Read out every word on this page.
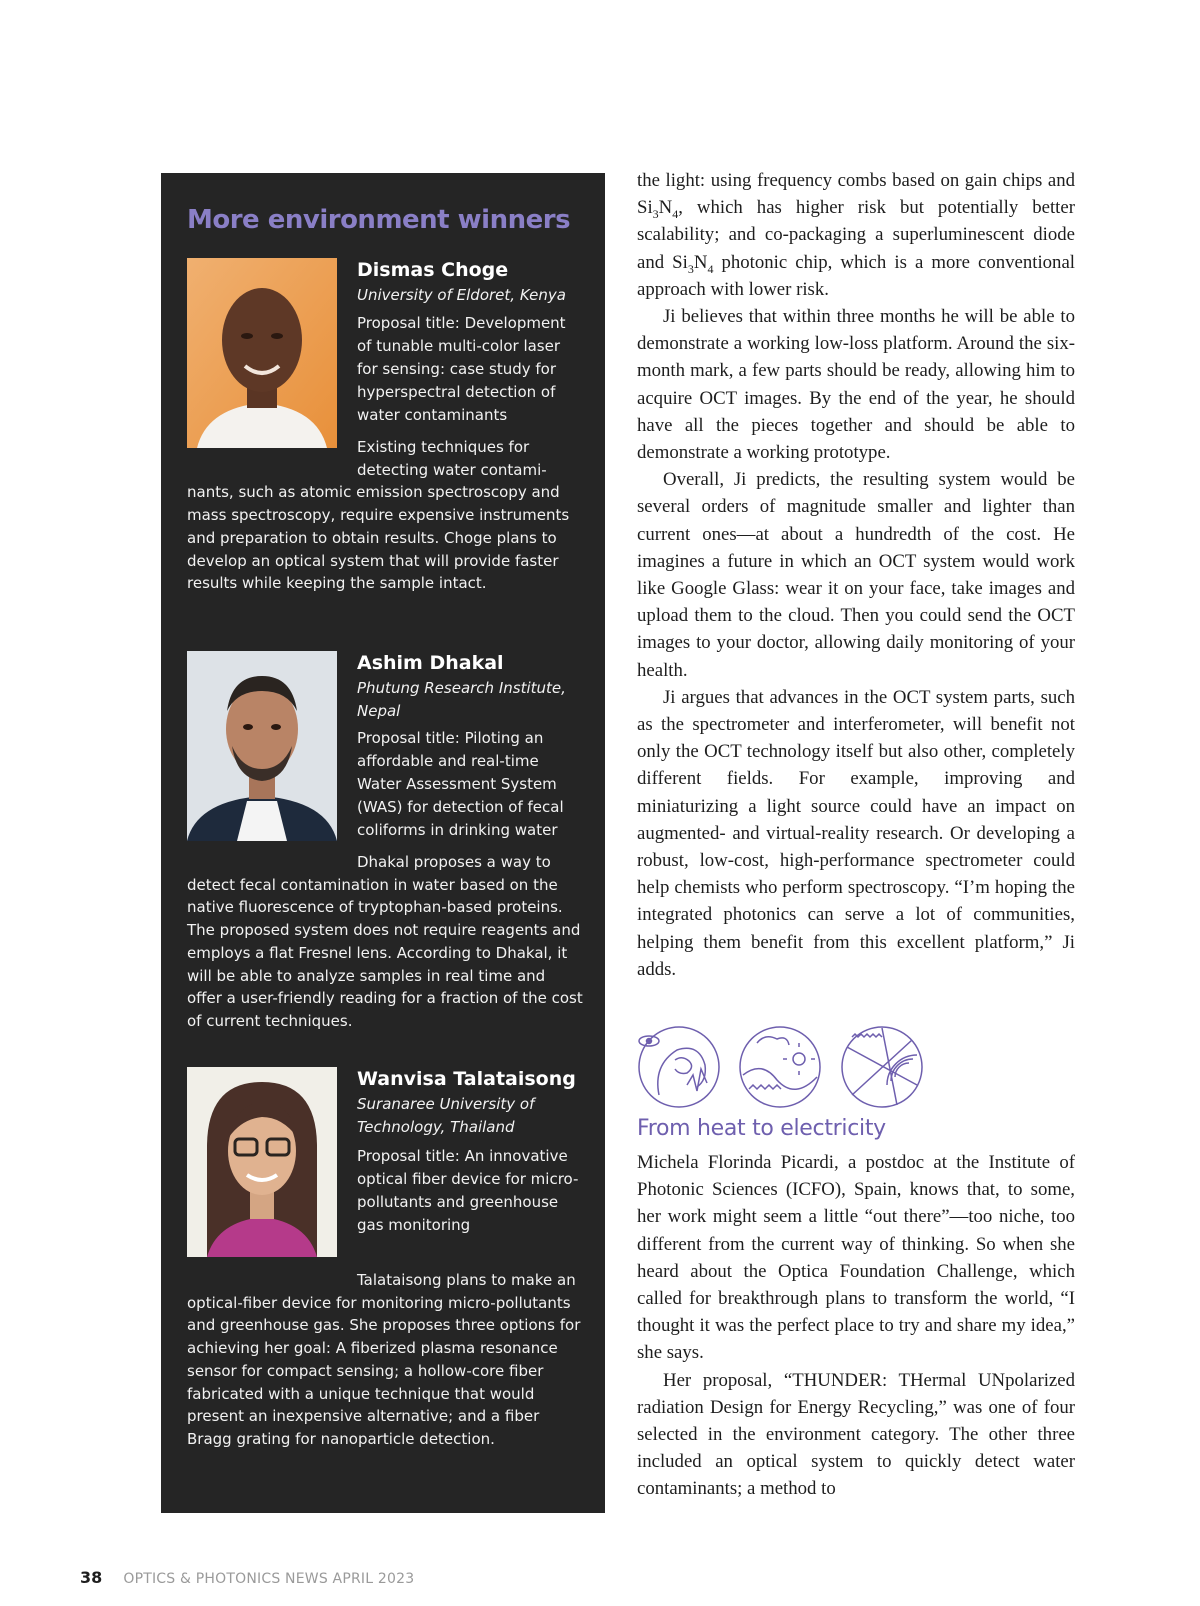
More environment winners
Dismas Choge
University of Eldoret, Kenya
Proposal title: Development of tunable multi-color laser for sensing: case study for hyperspectral detection of water contaminants
Existing techniques for detecting water contaminants, such as atomic emission spectroscopy and mass spectroscopy, require expensive instruments and preparation to obtain results. Choge plans to develop an optical system that will provide faster results while keeping the sample intact.
Ashim Dhakal
Phutung Research Institute, Nepal
Proposal title: Piloting an affordable and real-time Water Assessment System (WAS) for detection of fecal coliforms in drinking water
Dhakal proposes a way to detect fecal contamination in water based on the native fluorescence of tryptophan-based proteins. The proposed system does not require reagents and employs a flat Fresnel lens. According to Dhakal, it will be able to analyze samples in real time and offer a user-friendly reading for a fraction of the cost of current techniques.
Wanvisa Talataisong
Suranaree University of Technology, Thailand
Proposal title: An innovative optical fiber device for micro-pollutants and greenhouse gas monitoring
Talataisong plans to make an optical-fiber device for monitoring micro-pollutants and greenhouse gas. She proposes three options for achieving her goal: A fiberized plasma resonance sensor for compact sensing; a hollow-core fiber fabricated with a unique technique that would present an inexpensive alternative; and a fiber Bragg grating for nanoparticle detection.

the light: using frequency combs based on gain chips and $Si_3N_4$, which has higher risk but potentially better scalability; and co-packaging a superluminescent diode and $Si_3N_4$ photonic chip, which is a more conventional approach with lower risk.

Ji believes that within three months he will be able to demonstrate a working low-loss platform. Around the six-month mark, a few parts should be ready, allowing him to acquire OCT images. By the end of the year, he should have all the pieces together and should be able to demonstrate a working prototype.

Overall, Ji predicts, the resulting system would be several orders of magnitude smaller and lighter than current ones—at about a hundredth of the cost. He imagines a future in which an OCT system would work like Google Glass: wear it on your face, take images and upload them to the cloud. Then you could send the OCT images to your doctor, allowing daily monitoring of your health.

Ji argues that advances in the OCT system parts, such as the spectrometer and interferometer, will benefit not only the OCT technology itself but also other, completely different fields. For example, improving and miniaturizing a light source could have an impact on augmented- and virtual-reality research. Or developing a robust, low-cost, high-performance spectrometer could help chemists who perform spectroscopy. “I’m hoping the integrated photonics can serve a lot of communities, helping them benefit from this excellent platform,” Ji adds.

From heat to electricity

Michela Florinda Picardi, a postdoc at the Institute of Photonic Sciences (ICFO), Spain, knows that, to some, her work might seem a little “out there”—too niche, too different from the current way of thinking. So when she heard about the Optica Foundation Challenge, which called for breakthrough plans to transform the world, “I thought it was the perfect place to try and share my idea,” she says.

Her proposal, “THUNDER: THermal UNpolarized radiation Design for Energy Recycling,” was one of four selected in the environment category. The other three included an optical system to quickly detect water contaminants; a method to

38 OPTICS & PHOTONICS NEWS APRIL 2023
